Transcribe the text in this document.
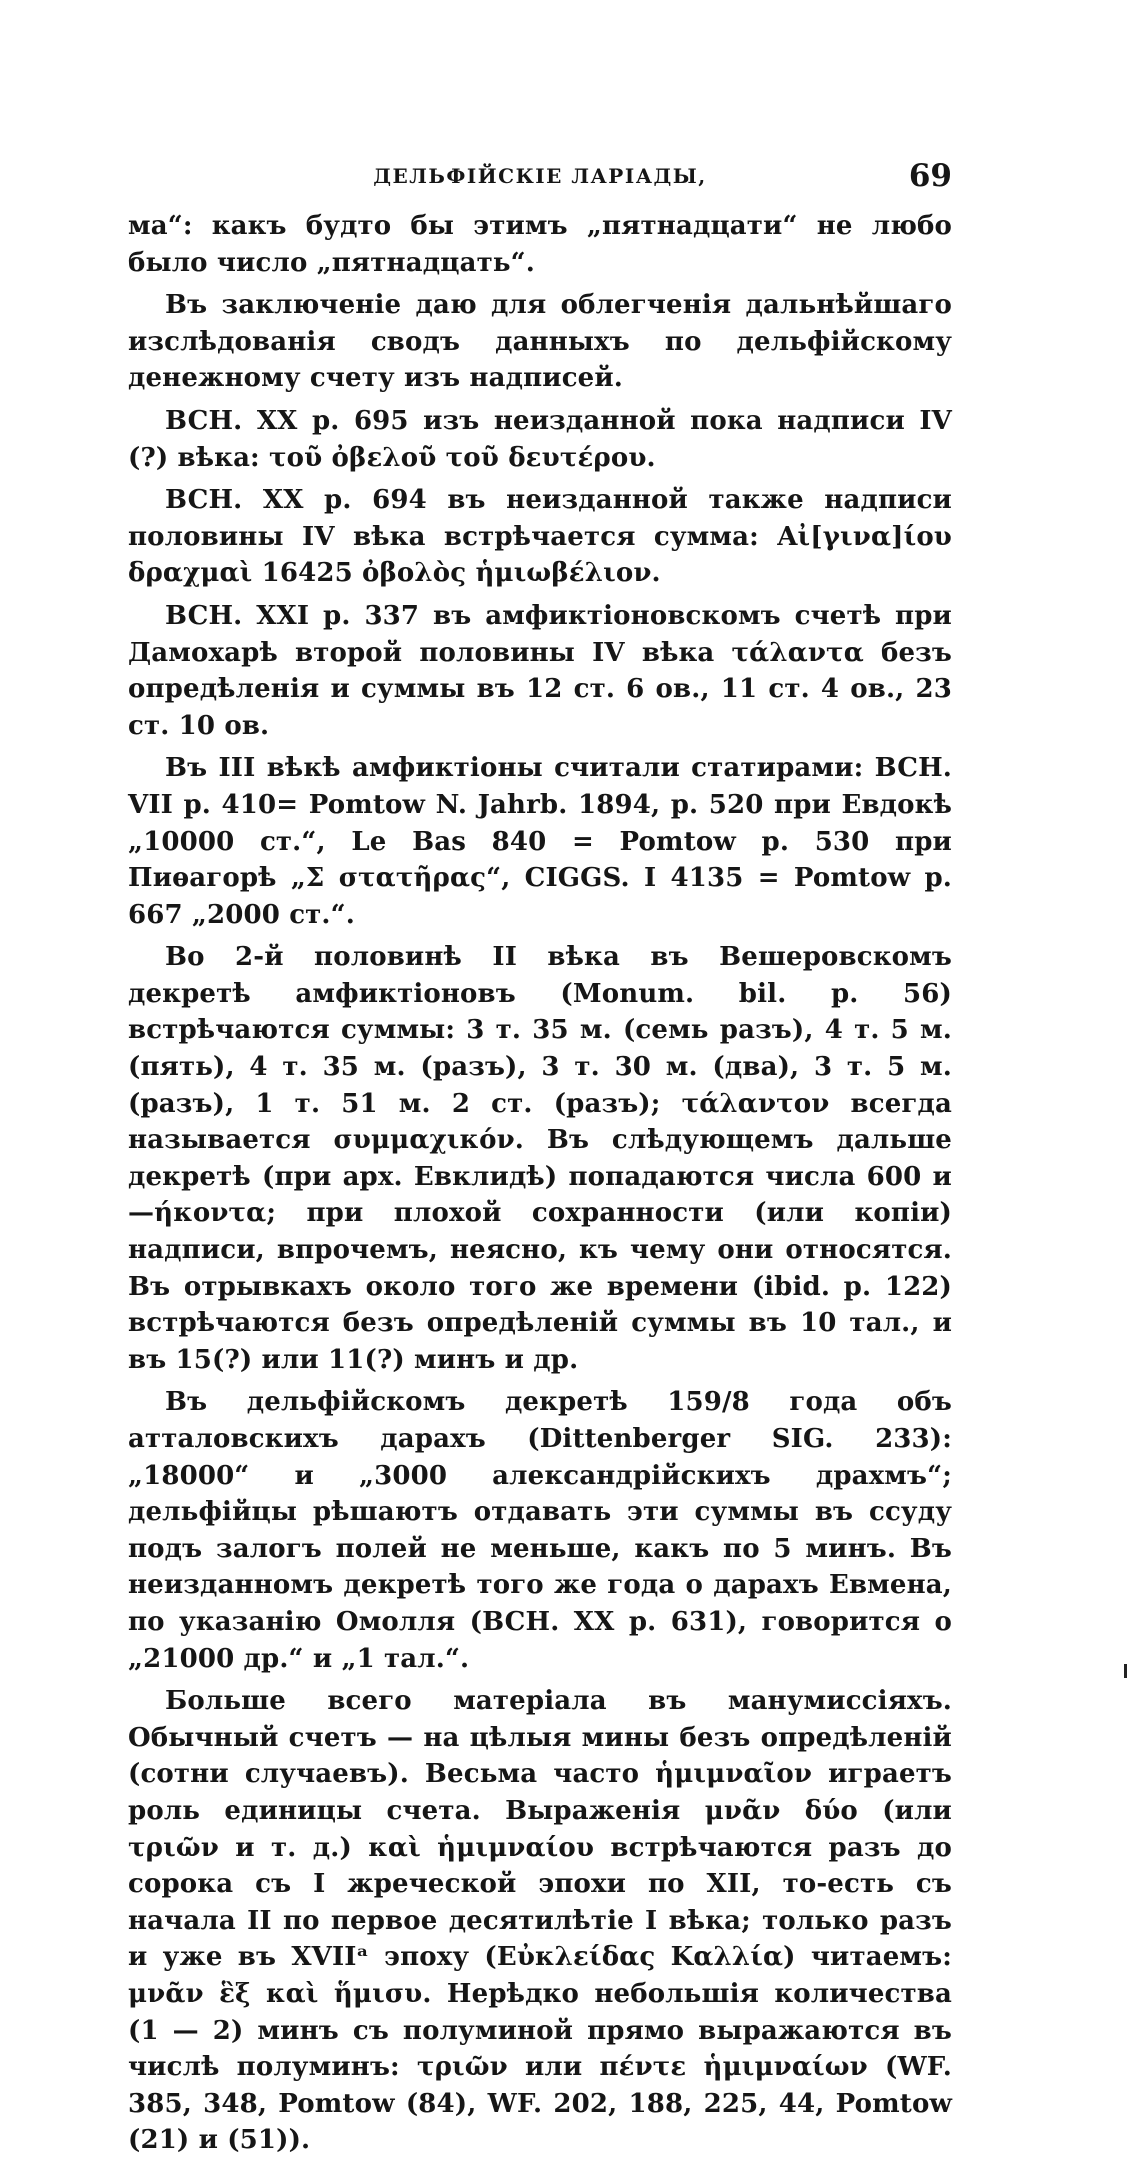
ДЕЛЬФІЙСКІЕ ЛАРІАДЫ,	69

ма“: какъ будто бы этимъ „пятнадцати“ не любо было число „пятнадцать“.

Въ заключеніе даю для облегченія дальнѣйшаго изслѣдованія сводъ данныхъ по дельфійскому денежному счету изъ надписей.

BCH. XX p. 695 изъ неизданной пока надписи IV (?) вѣка: τοῦ ὀβελοῦ τοῦ δευτέρου.

BCH. XX p. 694 въ неизданной также надписи половины IV вѣка встрѣчается сумма: Αἰ[γινα]ίου δραχμαὶ 16425 ὀβολὸς ἡμιωβέλιον.

BCH. XXI p. 337 въ амфиктіоновскомъ счетѣ при Дамохарѣ второй половины IV вѣка τάλαντα безъ опредѣленія и суммы въ 12 ст. 6 ов., 11 ст. 4 ов., 23 ст. 10 ов.

Въ III вѣкѣ амфиктіоны считали статирами: BCH. VII p. 410= Pomtow N. Jahrb. 1894, p. 520 при Евдокѣ „10000 ст.“, Le Bas 840 = Pomtow p. 530 при Пиѳагорѣ „Σ στατῆρας“, CIGGS. I 4135 = Pomtow p. 667 „2000 ст.“.

Во 2-й половинѣ II вѣка въ Вешеровскомъ декретѣ амфиктіоновъ (Monum. bil. p. 56) встрѣчаются суммы: 3 т. 35 м. (семь разъ), 4 т. 5 м. (пять), 4 т. 35 м. (разъ), 3 т. 30 м. (два), 3 т. 5 м. (разъ), 1 т. 51 м. 2 ст. (разъ); τάλαντον всегда называется συμμαχικόν. Въ слѣдующемъ дальше декретѣ (при арх. Евклидѣ) попадаются числа 600 и —ήκοντα; при плохой сохранности (или копіи) надписи, впрочемъ, неясно, къ чему они относятся. Въ отрывкахъ около того же времени (ibid. p. 122) встрѣчаются безъ опредѣленій суммы въ 10 тал., и въ 15(?) или 11(?) минъ и др.

Въ дельфійскомъ декретѣ 159/8 года объ атталовскихъ дарахъ (Dittenberger SIG. 233): „18000“ и „3000 александрійскихъ драхмъ“; дельфійцы рѣшаютъ отдавать эти суммы въ ссуду подъ залогъ полей не меньше, какъ по 5 минъ. Въ неизданномъ декретѣ того же года о дарахъ Евмена, по указанію Омолля (BCH. XX p. 631), говорится о „21000 др.“ и „1 тал.“.

Больше всего матеріала въ манумиссіяхъ. Обычный счетъ — на цѣлыя мины безъ опредѣленій (сотни случаевъ). Весьма часто ἡμιμναῖον играетъ роль единицы счета. Выраженія μνᾶν δύο (или τριῶν и т. д.) καὶ ἡμιμναίου встрѣчаются разъ до сорока съ I жреческой эпохи по XII, то-есть съ начала II по первое десятилѣтіе I вѣка; только разъ и уже въ XVIIᵃ эпоху (Εὐκλείδας Καλλία) читаемъ: μνᾶν ἓξ καὶ ἥμισυ. Нерѣдко небольшія количества (1 — 2) минъ съ полуминой прямо выражаются въ числѣ полуминъ: τριῶν или πέντε ἡμιμναίων (WF. 385, 348, Pomtow (84), WF. 202, 188, 225, 44, Pomtow (21) и (51)).
